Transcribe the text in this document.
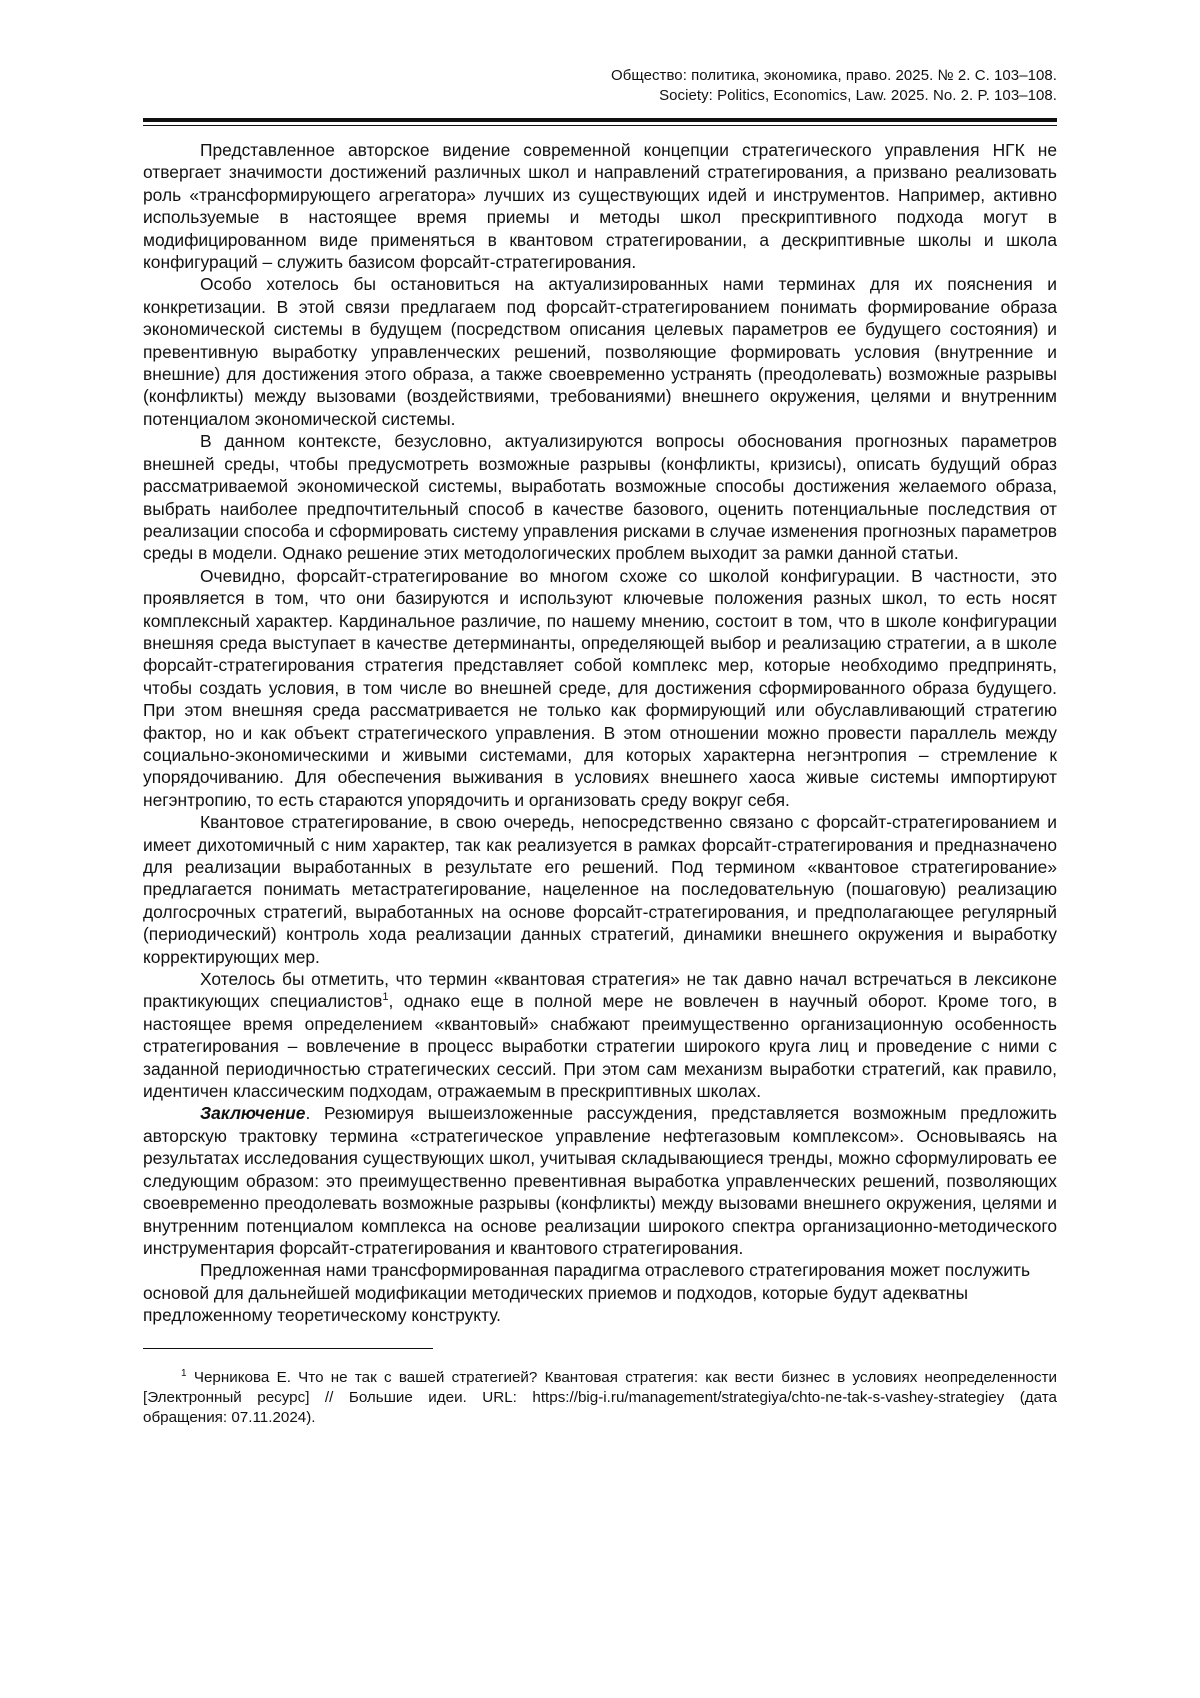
Общество: политика, экономика, право. 2025. № 2. С. 103–108.
Society: Politics, Economics, Law. 2025. No. 2. P. 103–108.

Представленное авторское видение современной концепции стратегического управления НГК не отвергает значимости достижений различных школ и направлений стратегирования, а призвано реализовать роль «трансформирующего агрегатора» лучших из существующих идей и инструментов. Например, активно используемые в настоящее время приемы и методы школ прескриптивного подхода могут в модифицированном виде применяться в квантовом стратегировании, а дескриптивные школы и школа конфигураций – служить базисом форсайт-стратегирования.

Особо хотелось бы остановиться на актуализированных нами терминах для их пояснения и конкретизации. В этой связи предлагаем под форсайт-стратегированием понимать формирование образа экономической системы в будущем (посредством описания целевых параметров ее будущего состояния) и превентивную выработку управленческих решений, позволяющие формировать условия (внутренние и внешние) для достижения этого образа, а также своевременно устранять (преодолевать) возможные разрывы (конфликты) между вызовами (воздействиями, требованиями) внешнего окружения, целями и внутренним потенциалом экономической системы.

В данном контексте, безусловно, актуализируются вопросы обоснования прогнозных параметров внешней среды, чтобы предусмотреть возможные разрывы (конфликты, кризисы), описать будущий образ рассматриваемой экономической системы, выработать возможные способы достижения желаемого образа, выбрать наиболее предпочтительный способ в качестве базового, оценить потенциальные последствия от реализации способа и сформировать систему управления рисками в случае изменения прогнозных параметров среды в модели. Однако решение этих методологических проблем выходит за рамки данной статьи.

Очевидно, форсайт-стратегирование во многом схоже со школой конфигурации. В частности, это проявляется в том, что они базируются и используют ключевые положения разных школ, то есть носят комплексный характер. Кардинальное различие, по нашему мнению, состоит в том, что в школе конфигурации внешняя среда выступает в качестве детерминанты, определяющей выбор и реализацию стратегии, а в школе форсайт-стратегирования стратегия представляет собой комплекс мер, которые необходимо предпринять, чтобы создать условия, в том числе во внешней среде, для достижения сформированного образа будущего. При этом внешняя среда рассматривается не только как формирующий или обуславливающий стратегию фактор, но и как объект стратегического управления. В этом отношении можно провести параллель между социально-экономическими и живыми системами, для которых характерна негэнтропия – стремление к упорядочиванию. Для обеспечения выживания в условиях внешнего хаоса живые системы импортируют негэнтропию, то есть стараются упорядочить и организовать среду вокруг себя.

Квантовое стратегирование, в свою очередь, непосредственно связано с форсайт-стратегированием и имеет дихотомичный с ним характер, так как реализуется в рамках форсайт-стратегирования и предназначено для реализации выработанных в результате его решений. Под термином «квантовое стратегирование» предлагается понимать метастратегирование, нацеленное на последовательную (пошаговую) реализацию долгосрочных стратегий, выработанных на основе форсайт-стратегирования, и предполагающее регулярный (периодический) контроль хода реализации данных стратегий, динамики внешнего окружения и выработку корректирующих мер.

Хотелось бы отметить, что термин «квантовая стратегия» не так давно начал встречаться в лексиконе практикующих специалистов$^1$, однако еще в полной мере не вовлечен в научный оборот. Кроме того, в настоящее время определением «квантовый» снабжают преимущественно организационную особенность стратегирования – вовлечение в процесс выработки стратегии широкого круга лиц и проведение с ними с заданной периодичностью стратегических сессий. При этом сам механизм выработки стратегий, как правило, идентичен классическим подходам, отражаемым в прескриптивных школах.

Заключение. Резюмируя вышеизложенные рассуждения, представляется возможным предложить авторскую трактовку термина «стратегическое управление нефтегазовым комплексом». Основываясь на результатах исследования существующих школ, учитывая складывающиеся тренды, можно сформулировать ее следующим образом: это преимущественно превентивная выработка управленческих решений, позволяющих своевременно преодолевать возможные разрывы (конфликты) между вызовами внешнего окружения, целями и внутренним потенциалом комплекса на основе реализации широкого спектра организационно-методического инструментария форсайт-стратегирования и квантового стратегирования.

Предложенная нами трансформированная парадигма отраслевого стратегирования может послужить основой для дальнейшей модификации методических приемов и подходов, которые будут адекватны предложенному теоретическому конструкту.

$^1$ Черникова Е. Что не так с вашей стратегией? Квантовая стратегия: как вести бизнес в условиях неопределенности [Электронный ресурс] // Большие идеи. URL: https://big-i.ru/management/strategiya/chto-ne-tak-s-vashey-strategiey (дата обращения: 07.11.2024).
